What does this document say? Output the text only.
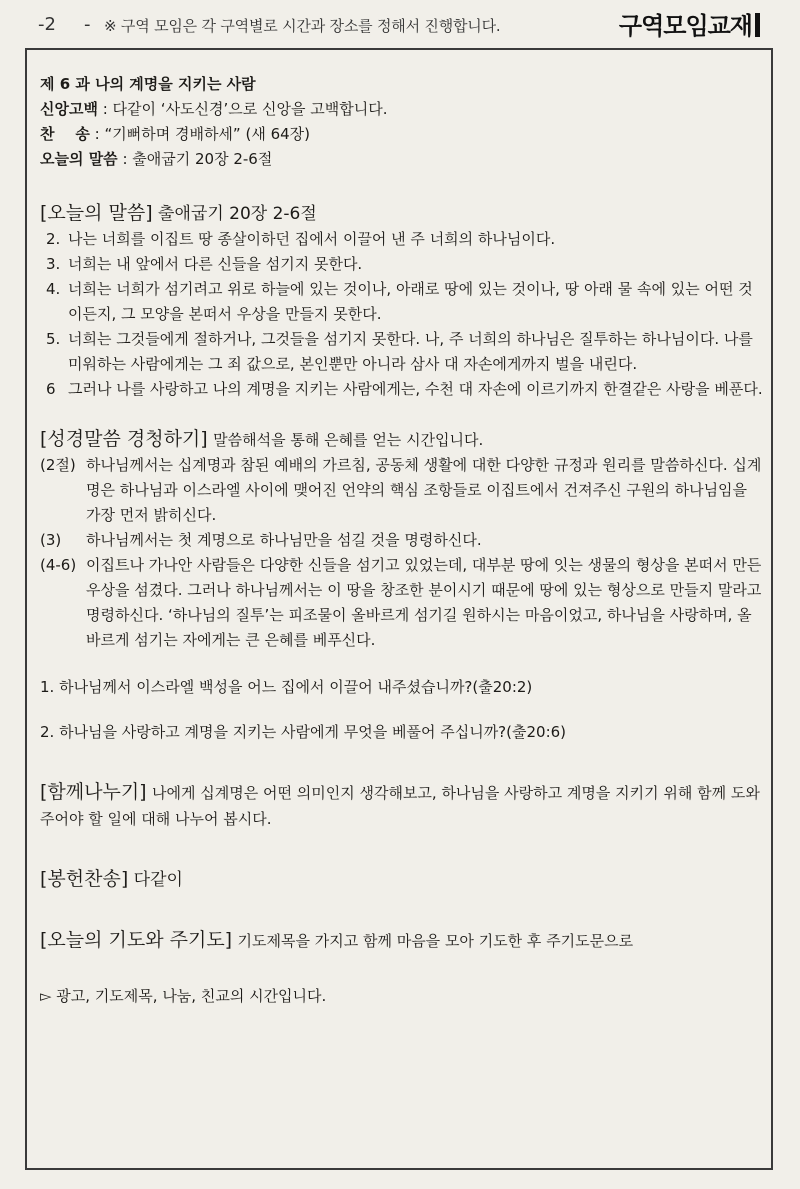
-2 - ※ 구역 모임은 각 구역별로 시간과 장소를 정해서 진행합니다.	구역모임교재
제 6 과 나의 계명을 지키는 사람
신앙고백 : 다같이 ‘사도신경’으로 신앙을 고백합니다.
찬    송 : “기뻐하며 경배하세” (새 64장)
오늘의 말씀 : 출애굽기 20장 2-6절
[오늘의 말씀] 출애굽기 20장 2-6절
2. 나는 너희를 이집트 땅 종살이하던 집에서 이끌어 낸 주 너희의 하나님이다.
3. 너희는 내 앞에서 다른 신들을 섬기지 못한다.
4. 너희는 너희가 섬기려고 위로 하늘에 있는 것이나, 아래로 땅에 있는 것이나, 땅 아래 물 속에 있는 어떤 것이든지, 그 모양을 본떠서 우상을 만들지 못한다.
5. 너희는 그것들에게 절하거나, 그것들을 섬기지 못한다. 나, 주 너희의 하나님은 질투하는 하나님이다. 나를 미워하는 사람에게는 그 죄 값으로, 본인뿐만 아니라 삼사 대 자손에게까지 벌을 내린다.
6 그러나 나를 사랑하고 나의 계명을 지키는 사람에게는, 수천 대 자손에 이르기까지 한결같은 사랑을 베푼다.
[성경말씀 경청하기] 말씀해석을 통해 은혜를 얻는 시간입니다.
(2절) 하나님께서는 십계명과 참된 예배의 가르침, 공동체 생활에 대한 다양한 규정과 원리를 말씀하신다. 십계명은 하나님과 이스라엘 사이에 맺어진 언약의 핵심 조항들로 이집트에서 건져주신 구원의 하나님임을 가장 먼저 밝히신다.
(3)	하나님께서는 첫 계명으로 하나님만을 섬길 것을 명령하신다.
(4-6) 이집트나 가나안 사람들은 다양한 신들을 섬기고 있었는데, 대부분 땅에 잇는 생물의 형상을 본떠서 만든 우상을 섬겼다. 그러나 하나님께서는 이 땅을 창조한 분이시기 때문에 땅에 있는 형상으로 만들지 말라고 명령하신다. ‘하나님의 질투’는 피조물이 올바르게 섬기길 원하시는 마음이었고, 하나님을 사랑하며, 올바르게 섬기는 자에게는 큰 은혜를 베푸신다.
1. 하나님께서 이스라엘 백성을 어느 집에서 이끌어 내주셨습니까?(출20:2)
2. 하나님을 사랑하고 계명을 지키는 사람에게 무엇을 베풀어 주십니까?(출20:6)
[함께나누기] 나에게 십계명은 어떤 의미인지 생각해보고, 하나님을 사랑하고 계명을 지키기 위해 함께 도와주어야 할 일에 대해 나누어 봅시다.
[봉헌찬송] 다같이
[오늘의 기도와 주기도] 기도제목을 가지고 함께 마음을 모아 기도한 후 주기도문으로
▻ 광고, 기도제목, 나눔, 친교의 시간입니다.
